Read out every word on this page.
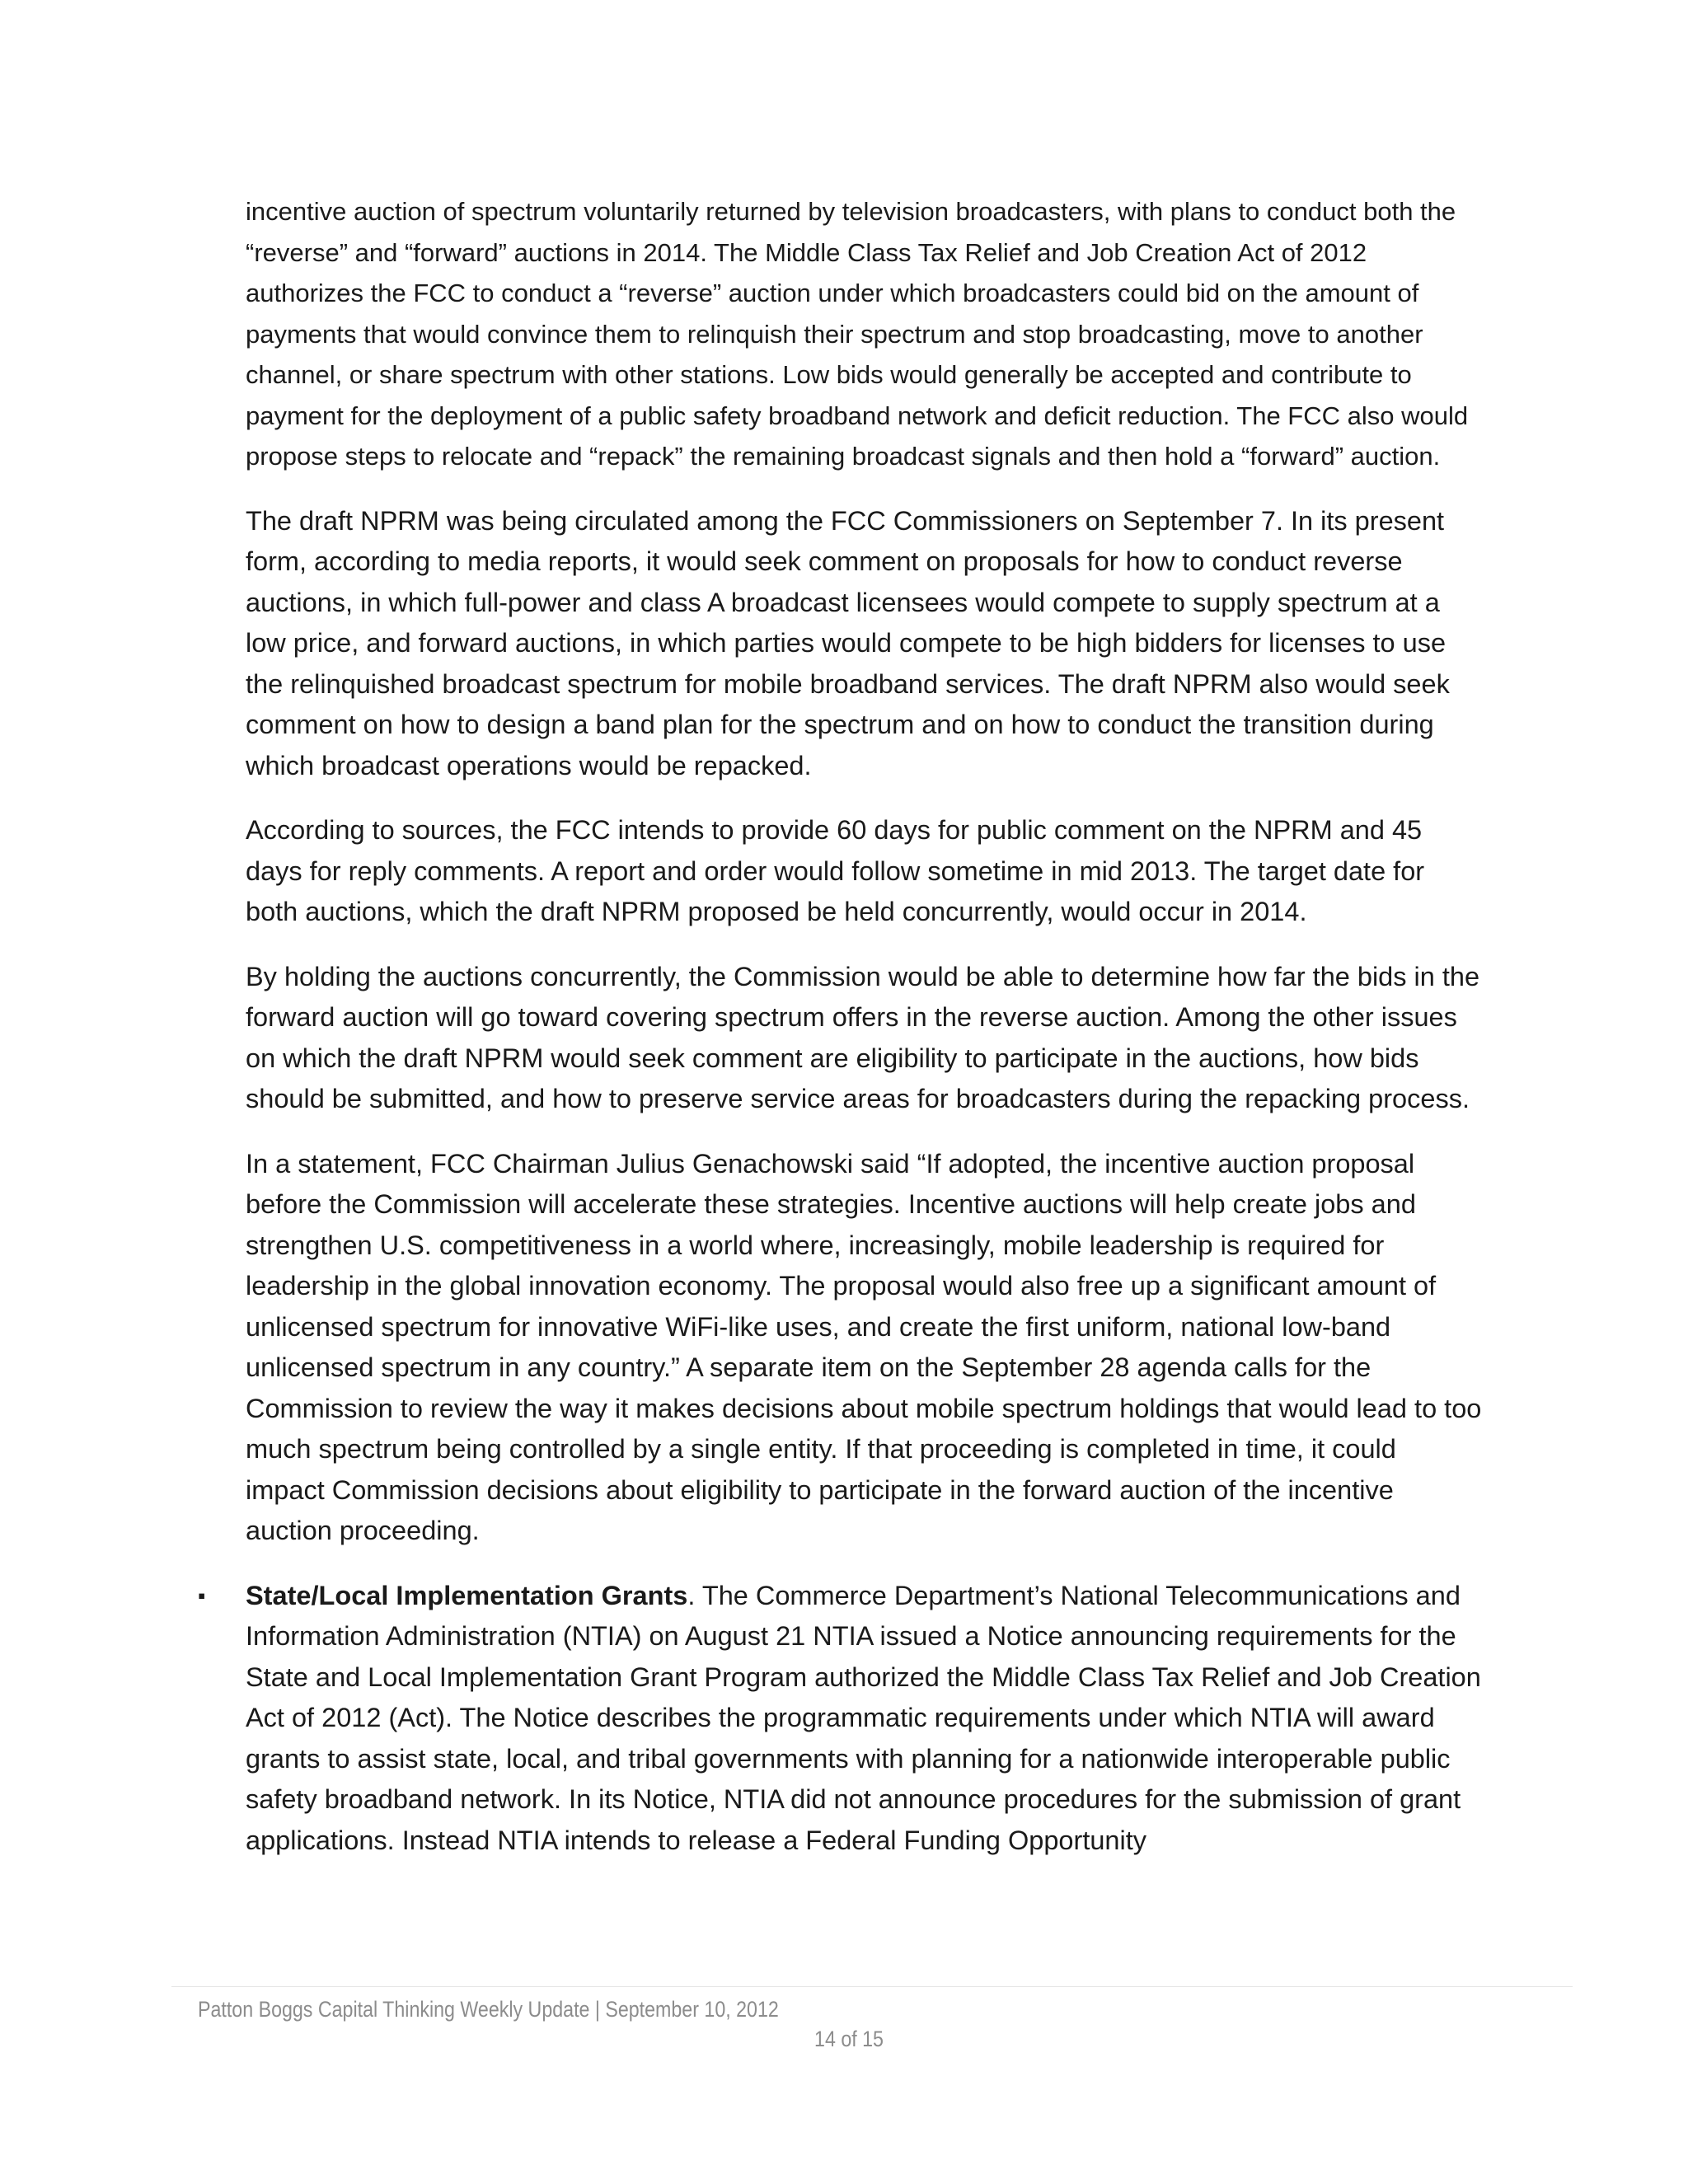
incentive auction of spectrum voluntarily returned by television broadcasters, with plans to conduct both the “reverse” and “forward” auctions in 2014. The Middle Class Tax Relief and Job Creation Act of 2012 authorizes the FCC to conduct a “reverse” auction under which broadcasters could bid on the amount of payments that would convince them to relinquish their spectrum and stop broadcasting, move to another channel, or share spectrum with other stations. Low bids would generally be accepted and contribute to payment for the deployment of a public safety broadband network and deficit reduction. The FCC also would propose steps to relocate and “repack” the remaining broadcast signals and then hold a “forward” auction.

The draft NPRM was being circulated among the FCC Commissioners on September 7. In its present form, according to media reports, it would seek comment on proposals for how to conduct reverse auctions, in which full-power and class A broadcast licensees would compete to supply spectrum at a low price, and forward auctions, in which parties would compete to be high bidders for licenses to use the relinquished broadcast spectrum for mobile broadband services. The draft NPRM also would seek comment on how to design a band plan for the spectrum and on how to conduct the transition during which broadcast operations would be repacked.

According to sources, the FCC intends to provide 60 days for public comment on the NPRM and 45 days for reply comments. A report and order would follow sometime in mid 2013. The target date for both auctions, which the draft NPRM proposed be held concurrently, would occur in 2014.

By holding the auctions concurrently, the Commission would be able to determine how far the bids in the forward auction will go toward covering spectrum offers in the reverse auction. Among the other issues on which the draft NPRM would seek comment are eligibility to participate in the auctions, how bids should be submitted, and how to preserve service areas for broadcasters during the repacking process.

In a statement, FCC Chairman Julius Genachowski said “If adopted, the incentive auction proposal before the Commission will accelerate these strategies. Incentive auctions will help create jobs and strengthen U.S. competitiveness in a world where, increasingly, mobile leadership is required for leadership in the global innovation economy. The proposal would also free up a significant amount of unlicensed spectrum for innovative WiFi-like uses, and create the first uniform, national low-band unlicensed spectrum in any country.” A separate item on the September 28 agenda calls for the Commission to review the way it makes decisions about mobile spectrum holdings that would lead to too much spectrum being controlled by a single entity. If that proceeding is completed in time, it could impact Commission decisions about eligibility to participate in the forward auction of the incentive auction proceeding.

▪ State/Local Implementation Grants. The Commerce Department’s National Telecommunications and Information Administration (NTIA) on August 21 NTIA issued a Notice announcing requirements for the State and Local Implementation Grant Program authorized the Middle Class Tax Relief and Job Creation Act of 2012 (Act). The Notice describes the programmatic requirements under which NTIA will award grants to assist state, local, and tribal governments with planning for a nationwide interoperable public safety broadband network. In its Notice, NTIA did not announce procedures for the submission of grant applications. Instead NTIA intends to release a Federal Funding Opportunity
Patton Boggs Capital Thinking Weekly Update | September 10, 2012
14 of 15
